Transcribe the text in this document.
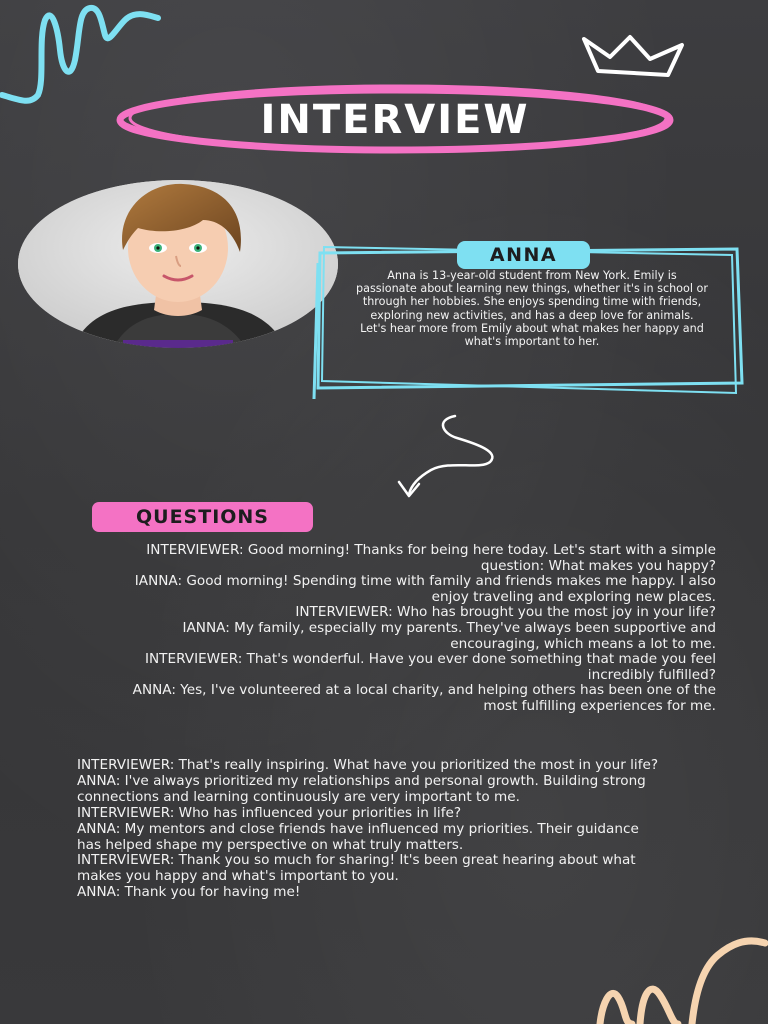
INTERVIEW
ANNA
Anna is 13-year-old student from New York. Emily is passionate about learning new things, whether it's in school or through her hobbies. She enjoys spending time with friends, exploring new activities, and has a deep love for animals. Let's hear more from Emily about what makes her happy and what's important to her.
QUESTIONS
INTERVIEWER: Good morning! Thanks for being here today. Let's start with a simple question: What makes you happy?
IANNA: Good morning! Spending time with family and friends makes me happy. I also enjoy traveling and exploring new places.
INTERVIEWER: Who has brought you the most joy in your life?
IANNA: My family, especially my parents. They've always been supportive and encouraging, which means a lot to me.
INTERVIEWER: That's wonderful. Have you ever done something that made you feel incredibly fulfilled?
ANNA: Yes, I've volunteered at a local charity, and helping others has been one of the most fulfilling experiences for me.
INTERVIEWER: That's really inspiring. What have you prioritized the most in your life?
ANNA: I've always prioritized my relationships and personal growth. Building strong connections and learning continuously are very important to me.
INTERVIEWER: Who has influenced your priorities in life?
ANNA: My mentors and close friends have influenced my priorities. Their guidance has helped shape my perspective on what truly matters.
INTERVIEWER: Thank you so much for sharing! It's been great hearing about what makes you happy and what's important to you.
ANNA: Thank you for having me!
